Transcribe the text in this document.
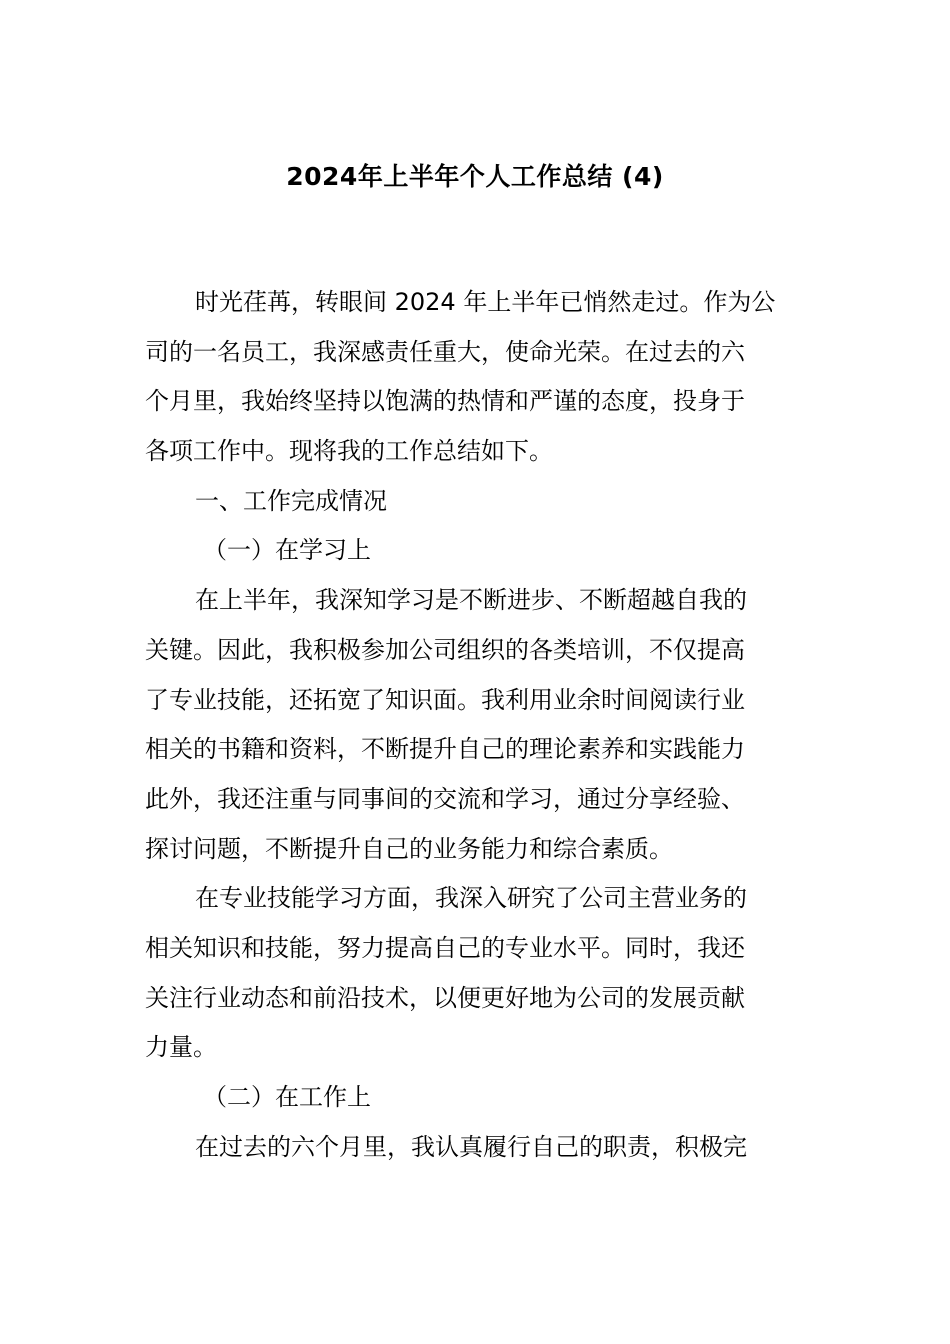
2024年上半年个人工作总结 (4)
时光荏苒，转眼间 2024 年上半年已悄然走过。作为公
司的一名员工，我深感责任重大，使命光荣。在过去的六
个月里，我始终坚持以饱满的热情和严谨的态度，投身于
各项工作中。现将我的工作总结如下。
一、工作完成情况
（一）在学习上
在上半年，我深知学习是不断进步、不断超越自我的
关键。因此，我积极参加公司组织的各类培训，不仅提高
了专业技能，还拓宽了知识面。我利用业余时间阅读行业
相关的书籍和资料，不断提升自己的理论素养和实践能力
此外，我还注重与同事间的交流和学习，通过分享经验、
探讨问题，不断提升自己的业务能力和综合素质。
在专业技能学习方面，我深入研究了公司主营业务的
相关知识和技能，努力提高自己的专业水平。同时，我还
关注行业动态和前沿技术，以便更好地为公司的发展贡献
力量。
（二）在工作上
在过去的六个月里，我认真履行自己的职责，积极完
